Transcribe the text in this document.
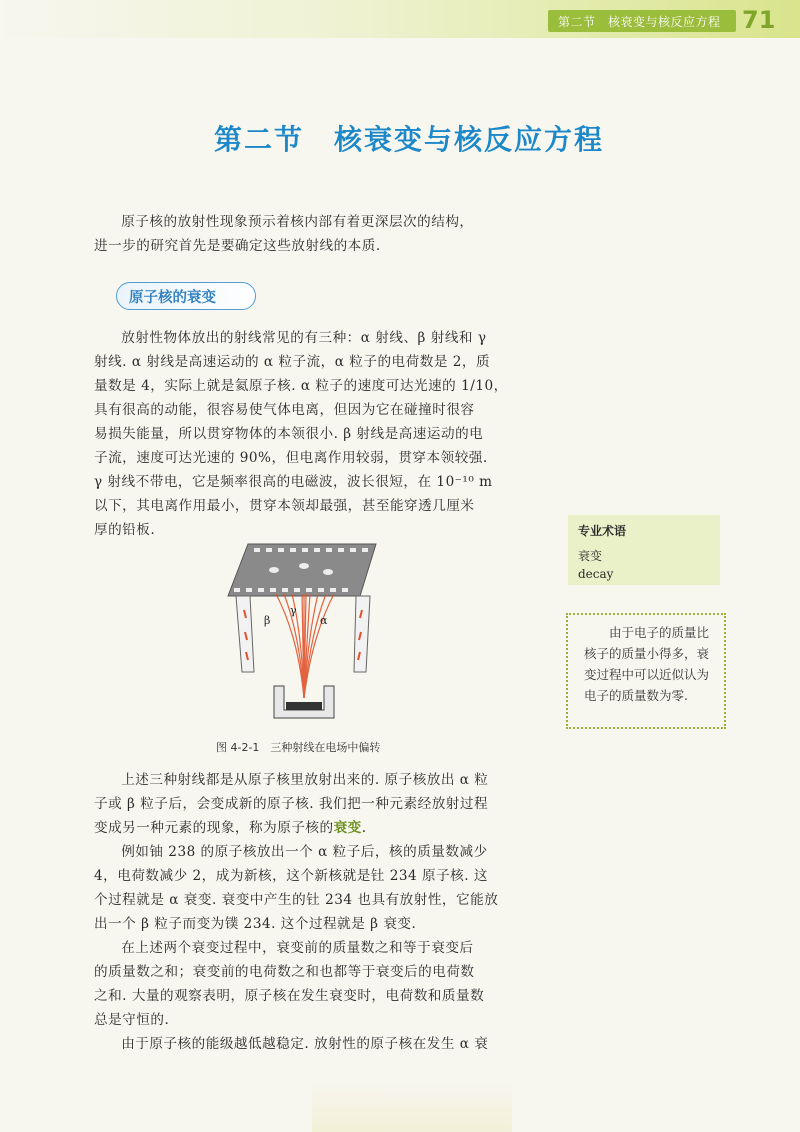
第二节　核衰变与核反应方程 71
第二节　核衰变与核反应方程
原子核的放射性现象预示着核内部有着更深层次的结构，
进一步的研究首先是要确定这些放射线的本质.
原子核的衰变
放射性物体放出的射线常见的有三种：α 射线、β 射线和 γ
射线. α 射线是高速运动的 α 粒子流，α 粒子的电荷数是 2，质
量数是 4，实际上就是氦原子核. α 粒子的速度可达光速的 1/10，
具有很高的动能，很容易使气体电离，但因为它在碰撞时很容
易损失能量，所以贯穿物体的本领很小. β 射线是高速运动的电
子流，速度可达光速的 90%，但电离作用较弱，贯穿本领较强.
γ 射线不带电，它是频率很高的电磁波，波长很短，在 10⁻¹⁰ m
以下，其电离作用最小，贯穿本领却最强，甚至能穿透几厘米
厚的铅板.
β
γ
α
图 4-2-1　三种射线在电场中偏转
专业术语
衰变
decay
由于电子的质量比核子的质量小得多，衰变过程中可以近似认为电子的质量数为零.
上述三种射线都是从原子核里放射出来的. 原子核放出 α 粒
子或 β 粒子后，会变成新的原子核. 我们把一种元素经放射过程
变成另一种元素的现象，称为原子核的衰变.
例如铀 238 的原子核放出一个 α 粒子后，核的质量数减少
4，电荷数减少 2，成为新核，这个新核就是钍 234 原子核. 这
个过程就是 α 衰变. 衰变中产生的钍 234 也具有放射性，它能放
出一个 β 粒子而变为镤 234. 这个过程就是 β 衰变.
在上述两个衰变过程中，衰变前的质量数之和等于衰变后
的质量数之和；衰变前的电荷数之和也都等于衰变后的电荷数
之和. 大量的观察表明，原子核在发生衰变时，电荷数和质量数
总是守恒的.
由于原子核的能级越低越稳定. 放射性的原子核在发生 α 衰
